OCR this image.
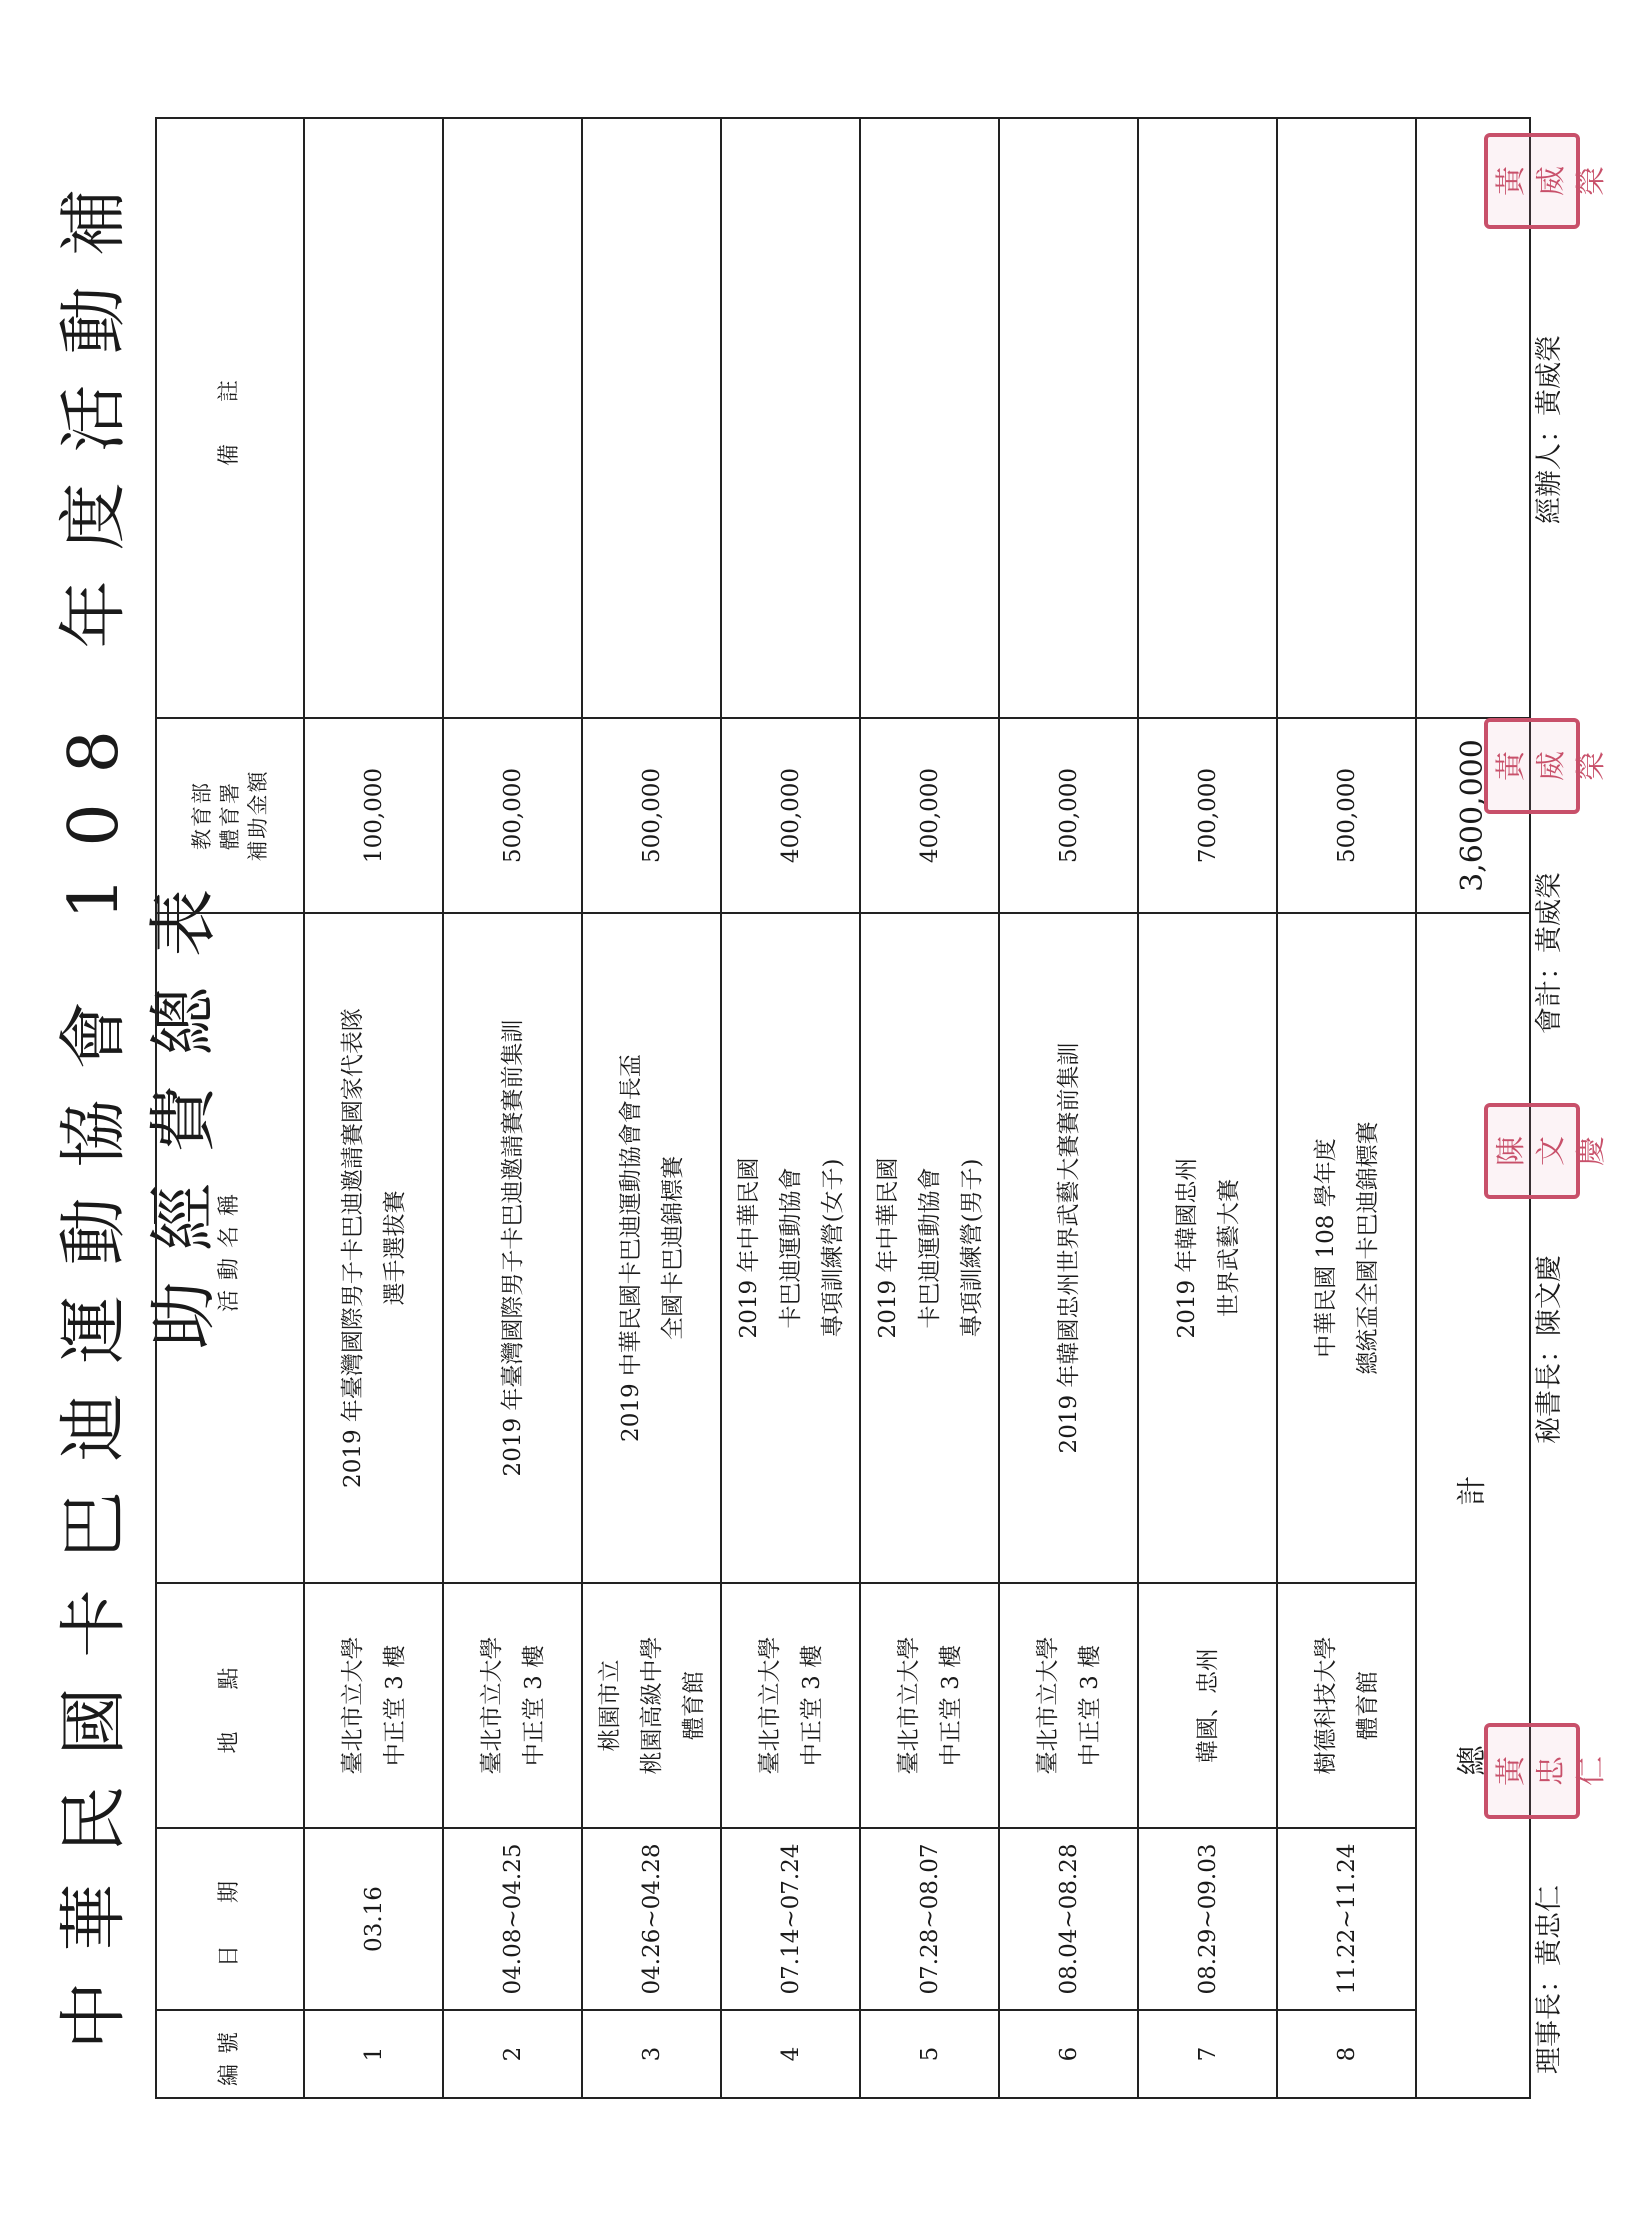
中華民國卡巴迪運動協會 108 年度活動補助經費總表
編號	日　期	地　點	活動名稱	教育部 體育署 補助金額	備　註
1	03.16	臺北市立大學 中正堂 3 樓	2019 年臺灣國際男子卡巴迪邀請賽國家代表隊 選手選拔賽	100,000	
2	04.08~04.25	臺北市立大學 中正堂 3 樓	2019 年臺灣國際男子卡巴迪邀請賽賽前集訓	500,000	
3	04.26~04.28	桃園市立 桃園高級中學 體育館	2019 中華民國卡巴迪運動協會會長盃 全國卡巴迪錦標賽	500,000	
4	07.14~07.24	臺北市立大學 中正堂 3 樓	2019 年中華民國 卡巴迪運動協會 專項訓練營(女子)	400,000	
5	07.28~08.07	臺北市立大學 中正堂 3 樓	2019 年中華民國 卡巴迪運動協會 專項訓練營(男子)	400,000	
6	08.04~08.28	臺北市立大學 中正堂 3 樓	2019 年韓國忠州世界武藝大賽賽前集訓	500,000	
7	08.29~09.03	韓國、忠州	2019 年韓國忠州 世界武藝大賽	700,000	
8	11.22~11.24	樹德科技大學 體育館	中華民國 108 學年度 總統盃全國卡巴迪錦標賽	500,000	
總計				3,600,000	
理事長：黃忠仁
黃 忠 仁
秘書長：陳文慶
陳 文 慶
會計：黃威榮
黃 威 榮
經辦人：黃威榮
黃 威 榮
